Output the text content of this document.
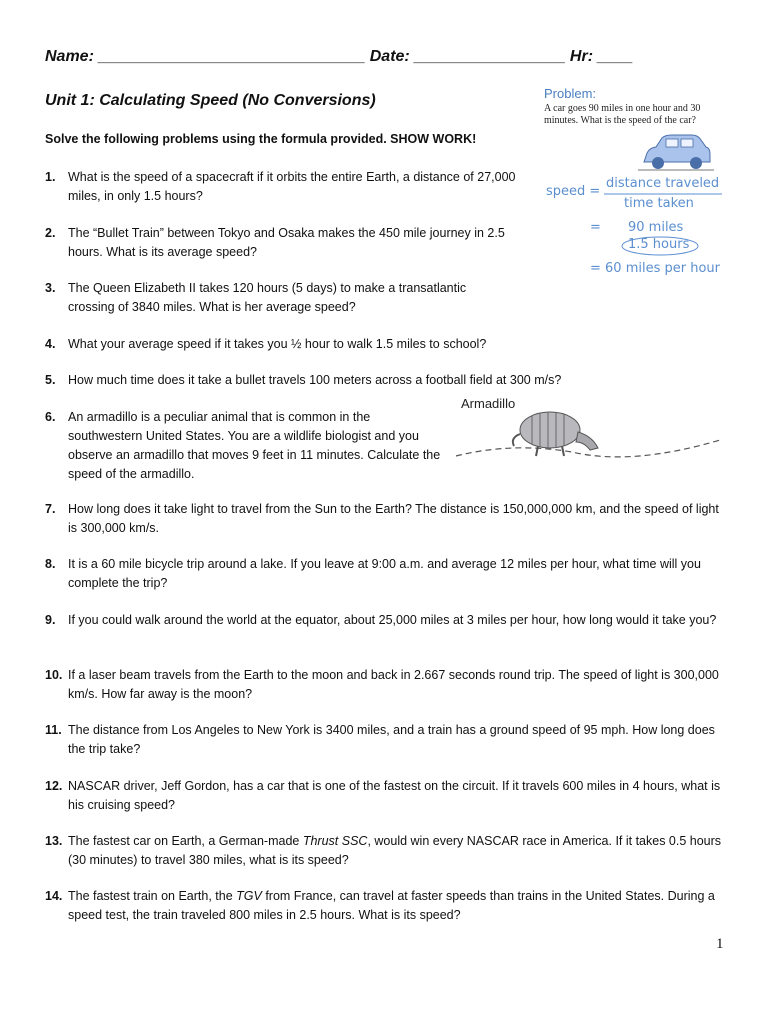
Name: ______________________________ Date: _________________ Hr: ____
Unit 1: Calculating Speed (No Conversions)
Solve the following problems using the formula provided. SHOW WORK!
Problem:
A car goes 90 miles in one hour and 30 minutes. What is the speed of the car?
speed =
distance traveled
time taken
= 90 miles
1.5 hours
= 60 miles per hour
Armadillo
1. What is the speed of a spacecraft if it orbits the entire Earth, a distance of 27,000 miles, in only 1.5 hours?
2. The “Bullet Train” between Tokyo and Osaka makes the 450 mile journey in 2.5 hours. What is its average speed?
3. The Queen Elizabeth II takes 120 hours (5 days) to make a transatlantic crossing of 3840 miles. What is her average speed?
4. What your average speed if it takes you ½ hour to walk 1.5 miles to school?
5. How much time does it take a bullet travels 100 meters across a football field at 300 m/s?
6. An armadillo is a peculiar animal that is common in the southwestern United States. You are a wildlife biologist and you observe an armadillo that moves 9 feet in 11 minutes. Calculate the speed of the armadillo.
7. How long does it take light to travel from the Sun to the Earth? The distance is 150,000,000 km, and the speed of light is 300,000 km/s.
8. It is a 60 mile bicycle trip around a lake. If you leave at 9:00 a.m. and average 12 miles per hour, what time will you complete the trip?
9. If you could walk around the world at the equator, about 25,000 miles at 3 miles per hour, how long would it take you?
10. If a laser beam travels from the Earth to the moon and back in 2.667 seconds round trip. The speed of light is 300,000 km/s. How far away is the moon?
11. The distance from Los Angeles to New York is 3400 miles, and a train has a ground speed of 95 mph. How long does the trip take?
12. NASCAR driver, Jeff Gordon, has a car that is one of the fastest on the circuit. If it travels 600 miles in 4 hours, what is his cruising speed?
13. The fastest car on Earth, a German-made Thrust SSC, would win every NASCAR race in America. If it takes 0.5 hours (30 minutes) to travel 380 miles, what is its speed?
14. The fastest train on Earth, the TGV from France, can travel at faster speeds than trains in the United States. During a speed test, the train traveled 800 miles in 2.5 hours. What is its speed?
1
